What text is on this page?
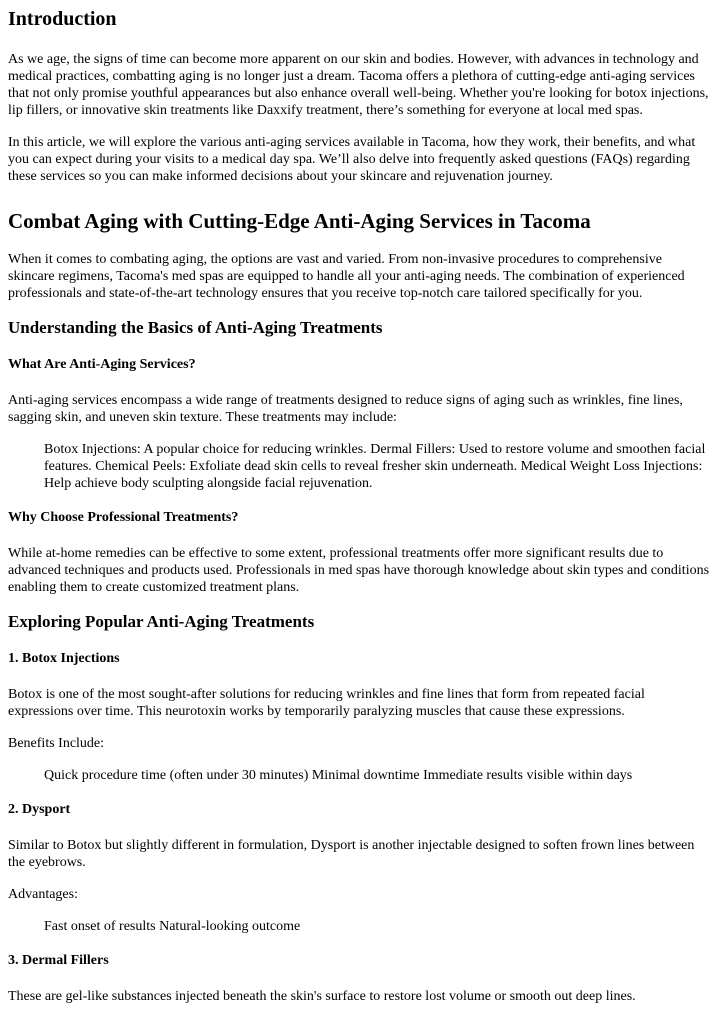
Introduction

As we age, the signs of time can become more apparent on our skin and bodies. However, with advances in technology and medical practices, combatting aging is no longer just a dream. Tacoma offers a plethora of cutting-edge anti-aging services that not only promise youthful appearances but also enhance overall well-being. Whether you're looking for botox injections, lip fillers, or innovative skin treatments like Daxxify treatment, there’s something for everyone at local med spas.

In this article, we will explore the various anti-aging services available in Tacoma, how they work, their benefits, and what you can expect during your visits to a medical day spa. We’ll also delve into frequently asked questions (FAQs) regarding these services so you can make informed decisions about your skincare and rejuvenation journey.

Combat Aging with Cutting-Edge Anti-Aging Services in Tacoma

When it comes to combating aging, the options are vast and varied. From non-invasive procedures to comprehensive skincare regimens, Tacoma's med spas are equipped to handle all your anti-aging needs. The combination of experienced professionals and state-of-the-art technology ensures that you receive top-notch care tailored specifically for you.

Understanding the Basics of Anti-Aging Treatments
What Are Anti-Aging Services?

Anti-aging services encompass a wide range of treatments designed to reduce signs of aging such as wrinkles, fine lines, sagging skin, and uneven skin texture. These treatments may include:

Botox Injections: A popular choice for reducing wrinkles. Dermal Fillers: Used to restore volume and smoothen facial features. Chemical Peels: Exfoliate dead skin cells to reveal fresher skin underneath. Medical Weight Loss Injections: Help achieve body sculpting alongside facial rejuvenation.
Why Choose Professional Treatments?

While at-home remedies can be effective to some extent, professional treatments offer more significant results due to advanced techniques and products used. Professionals in med spas have thorough knowledge about skin types and conditions enabling them to create customized treatment plans.

Exploring Popular Anti-Aging Treatments
1. Botox Injections

Botox is one of the most sought-after solutions for reducing wrinkles and fine lines that form from repeated facial expressions over time. This neurotoxin works by temporarily paralyzing muscles that cause these expressions.

Benefits Include:

Quick procedure time (often under 30 minutes) Minimal downtime Immediate results visible within days
2. Dysport

Similar to Botox but slightly different in formulation, Dysport is another injectable designed to soften frown lines between the eyebrows.

Advantages:

Fast onset of results Natural-looking outcome
3. Dermal Fillers

These are gel-like substances injected beneath the skin's surface to restore lost volume or smooth out deep lines.
